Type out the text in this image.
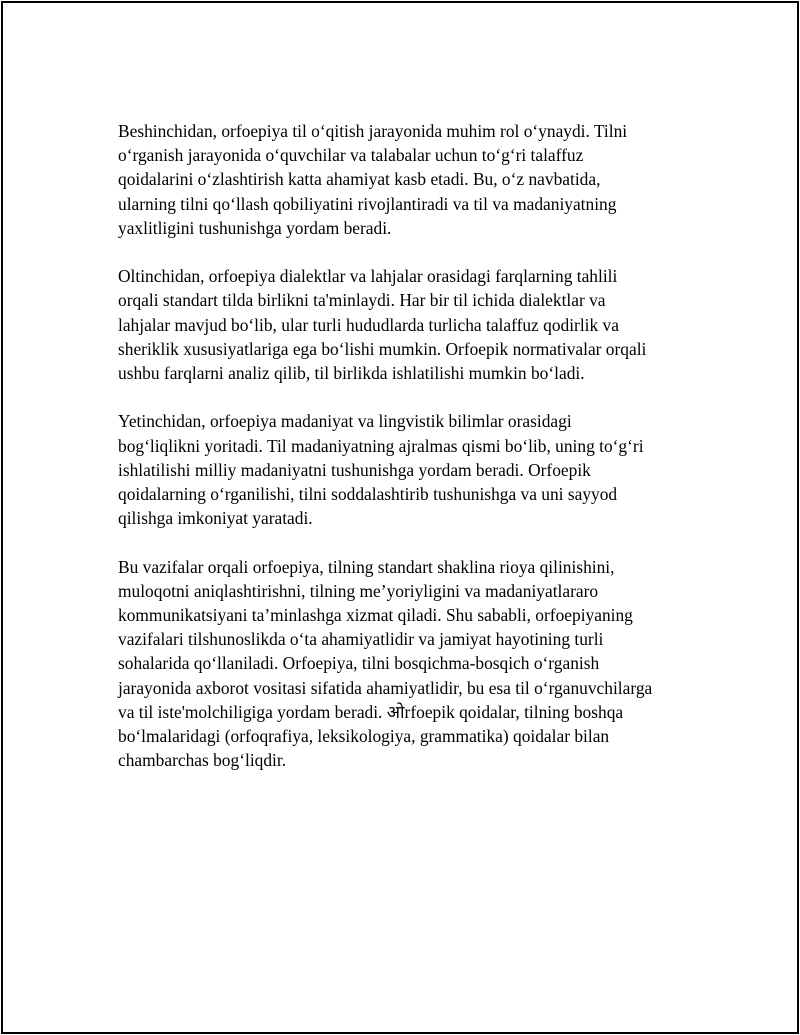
Beshinchidan, orfoepiya til oʻqitish jarayonida muhim rol oʻynaydi. Tilni
oʻrganish jarayonida oʻquvchilar va talabalar uchun toʻgʻri talaffuz
qoidalarini oʻzlashtirish katta ahamiyat kasb etadi. Bu, oʻz navbatida,
ularning tilni qoʻllash qobiliyatini rivojlantiradi va til va madaniyatning
yaxlitligini tushunishga yordam beradi.

Oltinchidan, orfoepiya dialektlar va lahjalar orasidagi farqlarning tahlili
orqali standart tilda birlikni ta'minlaydi. Har bir til ichida dialektlar va
lahjalar mavjud boʻlib, ular turli hududlarda turlicha talaffuz qodirlik va
sheriklik xususiyatlariga ega boʻlishi mumkin. Orfoepik normativalar orqali
ushbu farqlarni analiz qilib, til birlikda ishlatilishi mumkin boʻladi.

Yetinchidan, orfoepiya madaniyat va lingvistik bilimlar orasidagi
bogʻliqlikni yoritadi. Til madaniyatning ajralmas qismi boʻlib, uning toʻgʻri
ishlatilishi milliy madaniyatni tushunishga yordam beradi. Orfoepik
qoidalarning oʻrganilishi, tilni soddalashtirib tushunishga va uni sayyod
qilishga imkoniyat yaratadi.

Bu vazifalar orqali orfoepiya, tilning standart shaklina rioya qilinishini,
muloqotni aniqlashtirishni, tilning me’yoriyligini va madaniyatlararo
kommunikatsiyani ta’minlashga xizmat qiladi. Shu sababli, orfoepiyaning
vazifalari tilshunoslikda oʻta ahamiyatlidir va jamiyat hayotining turli
sohalarida qoʻllaniladi. Orfoepiya, tilni bosqichma-bosqich oʻrganish
jarayonida axborot vositasi sifatida ahamiyatlidir, bu esa til oʻrganuvchilarga
va til iste'molchiligiga yordam beradi. ओrfoepik qoidalar, tilning boshqa
boʻlmalaridagi (orfoqrafiya, leksikologiya, grammatika) qoidalar bilan
chambarchas bogʻliqdir.
